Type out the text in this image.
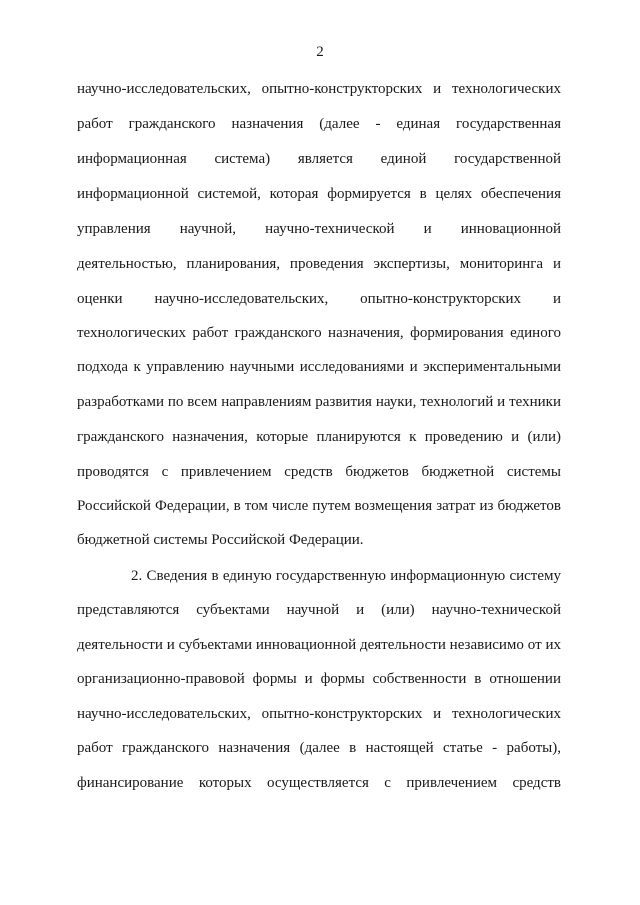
2
научно-исследовательских, опытно-конструкторских и технологических
работ гражданского назначения (далее - единая государственная
информационная система) является единой государственной
информационной системой, которая формируется в целях обеспечения
управления научной, научно-технической и инновационной
деятельностью, планирования, проведения экспертизы, мониторинга и
оценки научно-исследовательских, опытно-конструкторских и
технологических работ гражданского назначения, формирования единого
подхода к управлению научными исследованиями и экспериментальными
разработками по всем направлениям развития науки, технологий и техники
гражданского назначения, которые планируются к проведению и (или)
проводятся с привлечением средств бюджетов бюджетной системы
Российской Федерации, в том числе путем возмещения затрат из бюджетов
бюджетной системы Российской Федерации.
2. Сведения в единую государственную информационную систему
представляются субъектами научной и (или) научно-технической
деятельности и субъектами инновационной деятельности независимо от их
организационно-правовой формы и формы собственности в отношении
научно-исследовательских, опытно-конструкторских и технологических
работ гражданского назначения (далее в настоящей статье - работы),
финансирование которых осуществляется с привлечением средств
